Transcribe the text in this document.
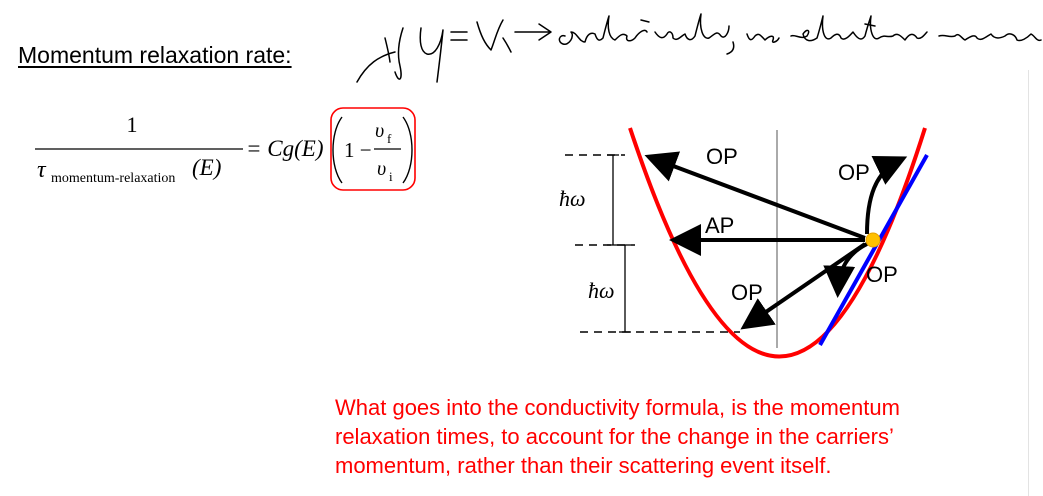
Momentum relaxation rate:
1
τ momentum-relaxation (E)
= Cg(E) 1 −
υ f
υ i
ħω
ħω
OP
OP
AP
OP
OP

What goes into the conductivity formula, is the momentum
relaxation times, to account for the change in the carriers’
momentum, rather than their scattering event itself.
